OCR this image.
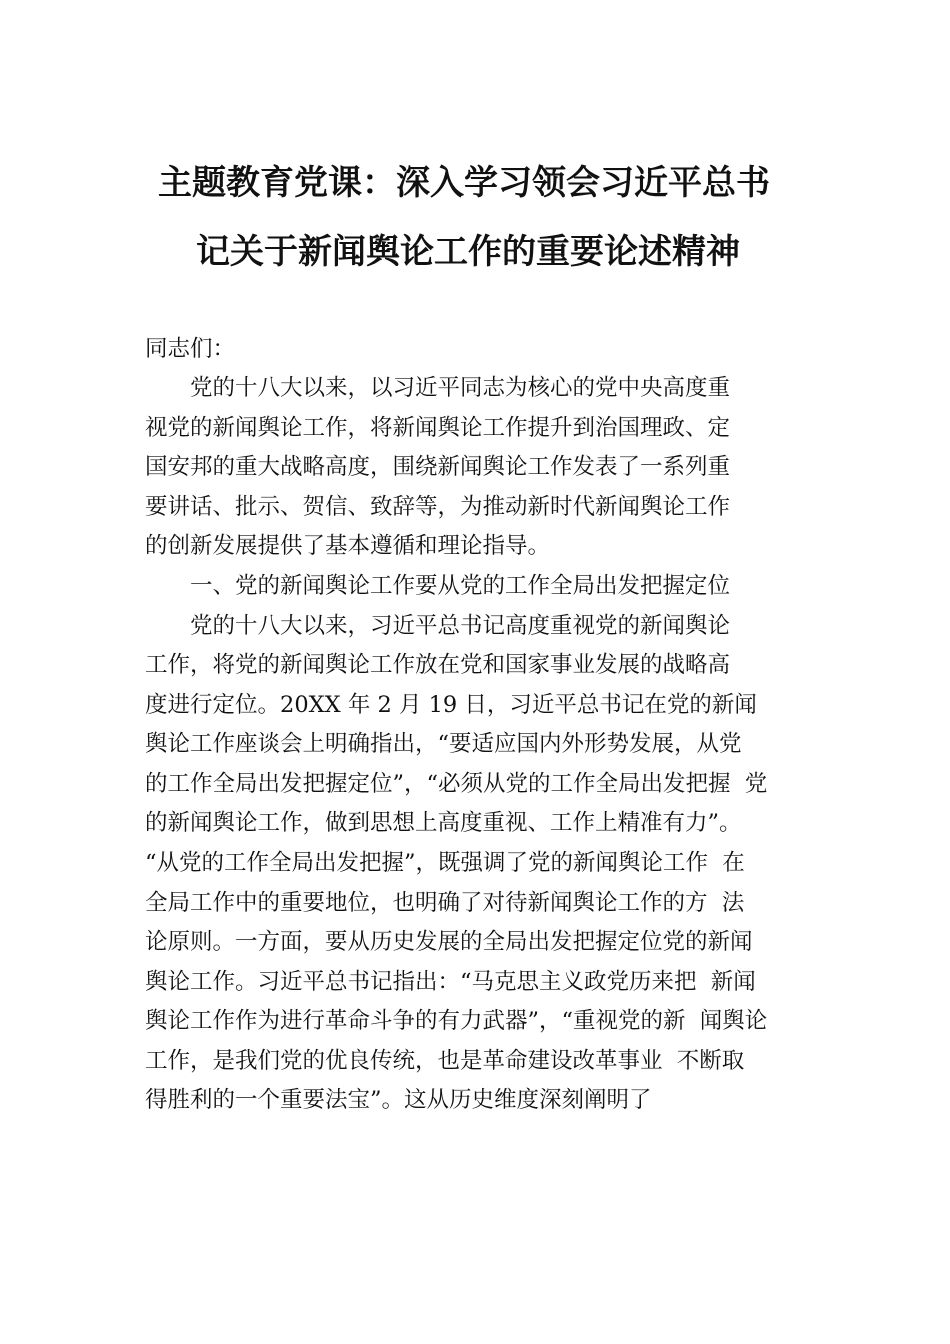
主题教育党课：深入学习领会习近平总书
记关于新闻舆论工作的重要论述精神
同志们：
　　党的十八大以来，以习近平同志为核心的党中央高度重
视党的新闻舆论工作，将新闻舆论工作提升到治国理政、定
国安邦的重大战略高度，围绕新闻舆论工作发表了一系列重
要讲话、批示、贺信、致辞等，为推动新时代新闻舆论工作
的创新发展提供了基本遵循和理论指导。
　　一、党的新闻舆论工作要从党的工作全局出发把握定位
　　党的十八大以来，习近平总书记高度重视党的新闻舆论
工作，将党的新闻舆论工作放在党和国家事业发展的战略高
度进行定位。20XX 年 2 月 19 日，习近平总书记在党的新闻
舆论工作座谈会上明确指出，“要适应国内外形势发展，从党
的工作全局出发把握定位”，“必须从党的工作全局出发把握  党
的新闻舆论工作，做到思想上高度重视、工作上精准有力”。
“从党的工作全局出发把握”，既强调了党的新闻舆论工作  在
全局工作中的重要地位，也明确了对待新闻舆论工作的方  法
论原则。一方面，要从历史发展的全局出发把握定位党的新闻
舆论工作。习近平总书记指出：“马克思主义政党历来把  新闻
舆论工作作为进行革命斗争的有力武器”，“重视党的新  闻舆论
工作，是我们党的优良传统，也是革命建设改革事业  不断取
得胜利的一个重要法宝”。这从历史维度深刻阐明了
